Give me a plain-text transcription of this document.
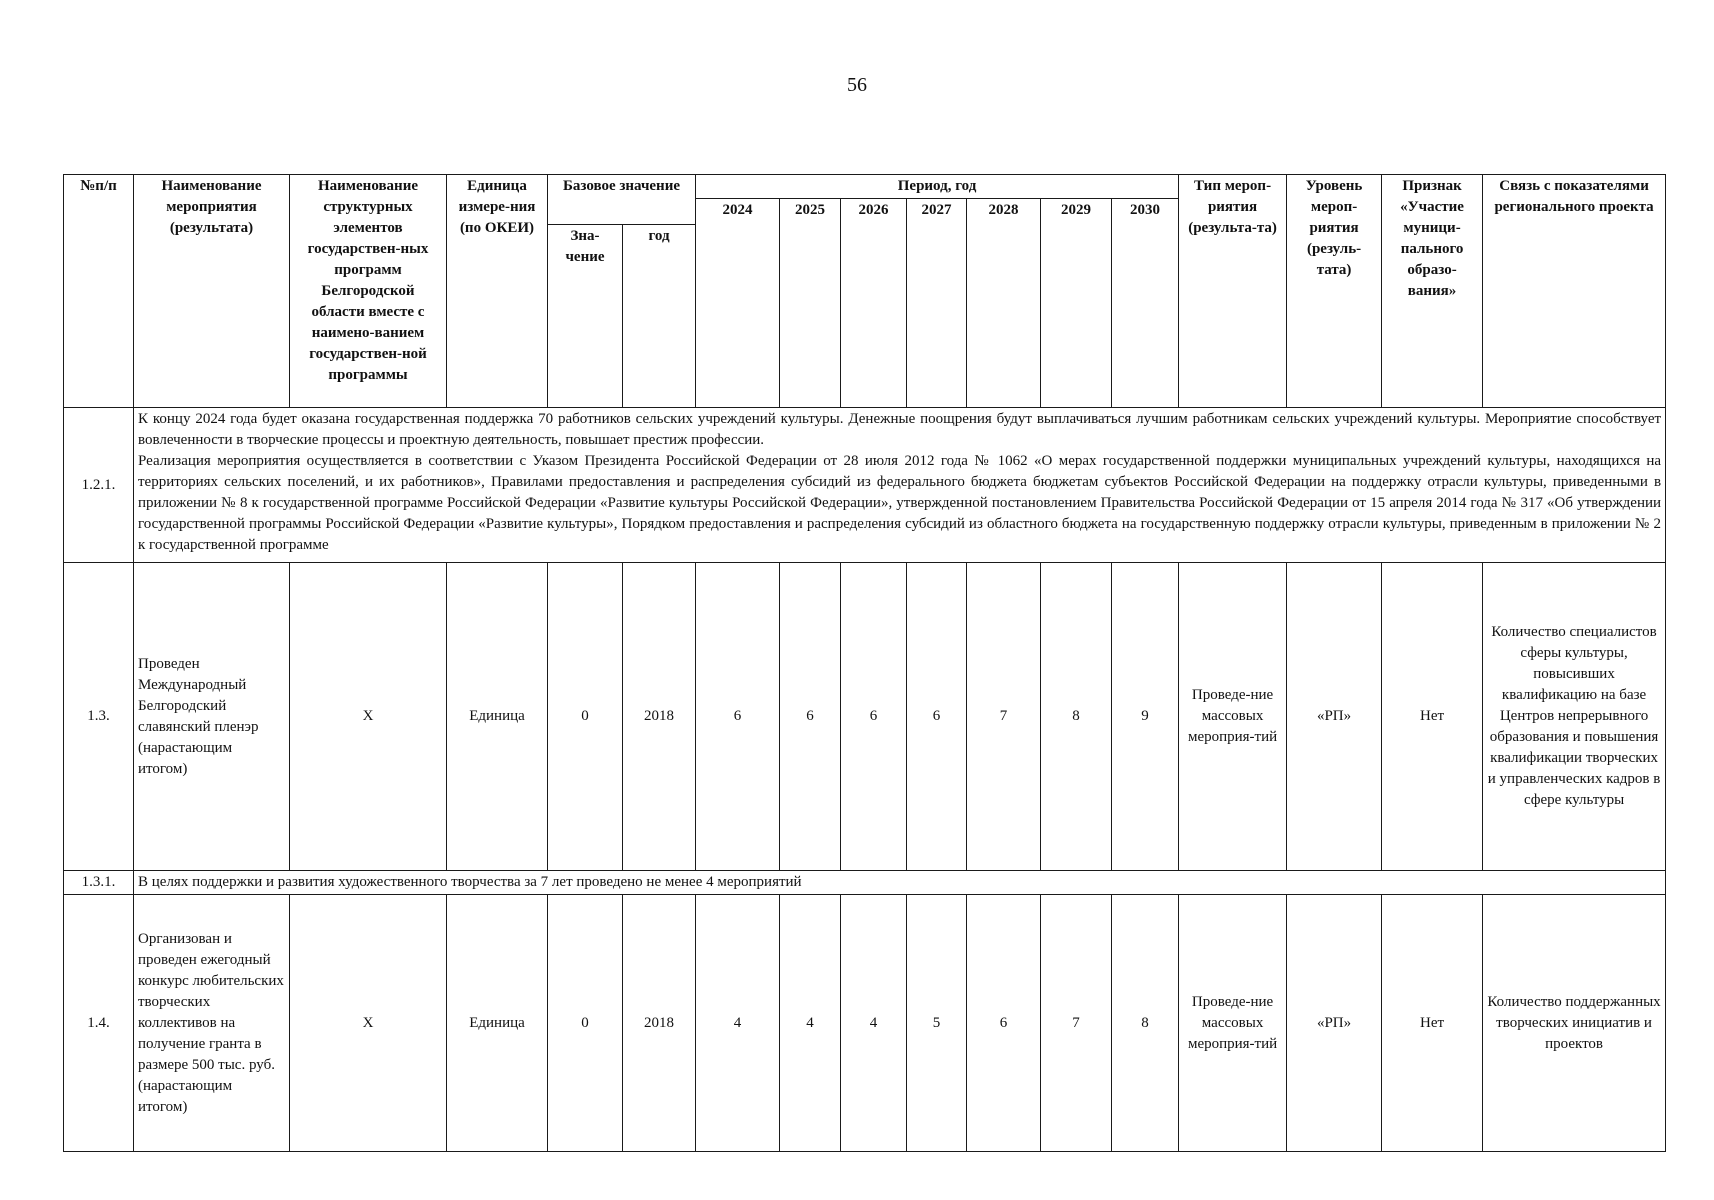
56
№п/п	Наименование мероприятия (результата)	Наименование структурных элементов государствен-ных программ Белгородской области вместе с наимено-ванием государствен-ной программы	Единица измере-ния (по ОКЕИ)	Базовое значение		Период, год							Тип мероп-риятия (результа-та)	Уровень мероп-риятия (резуль-тата)	Признак «Участие муници-пального образо-вания»	Связь с показателями регионального проекта
						2024	2025	2026	2027	2028	2029	2030				
				Зна-чение	год											
1.2.1.	К концу 2024 года будет оказана государственная поддержка 70 работников сельских учреждений культуры. Денежные поощрения будут выплачиваться лучшим работникам сельских учреждений культуры. Мероприятие способствует вовлеченности в творческие процессы и проектную деятельность, повышает престиж профессии.
Реализация мероприятия осуществляется в соответствии с Указом Президента Российской Федерации от 28 июля 2012 года № 1062 «О мерах государственной поддержки муниципальных учреждений культуры, находящихся на территориях сельских поселений, и их работников», Правилами предоставления и распределения субсидий из федерального бюджета бюджетам субъектов Российской Федерации на поддержку отрасли культуры, приведенными в приложении № 8 к государственной программе Российской Федерации «Развитие культуры Российской Федерации», утвержденной постановлением Правительства Российской Федерации от 15 апреля 2014 года № 317 «Об утверждении государственной программы Российской Федерации «Развитие культуры», Порядком предоставления и распределения субсидий из областного бюджета на государственную поддержку отрасли культуры, приведенным в приложении № 2 к государственной программе															

1.3.	Проведен Международный Белгородский славянский пленэр (нарастающим итогом)	X	Единица	0	2018	6	6	6	6	7	8	9	Проведе-ние массовых мероприя-тий	«РП»	Нет	Количество специалистов сферы культуры, повысивших квалификацию на базе Центров непрерывного образования и повышения квалификации творческих и управленческих кадров в сфере культуры
1.3.1.	В целях поддержки и развития художественного творчества за 7 лет проведено не менее 4 мероприятий															
1.4.	Организован и проведен ежегодный конкурс любительских творческих коллективов на получение гранта в размере 500 тыс. руб. (нарастающим итогом)	X	Единица	0	2018	4	4	4	5	6	7	8	Проведе-ние массовых мероприя-тий	«РП»	Нет	Количество поддержанных творческих инициатив и проектов
